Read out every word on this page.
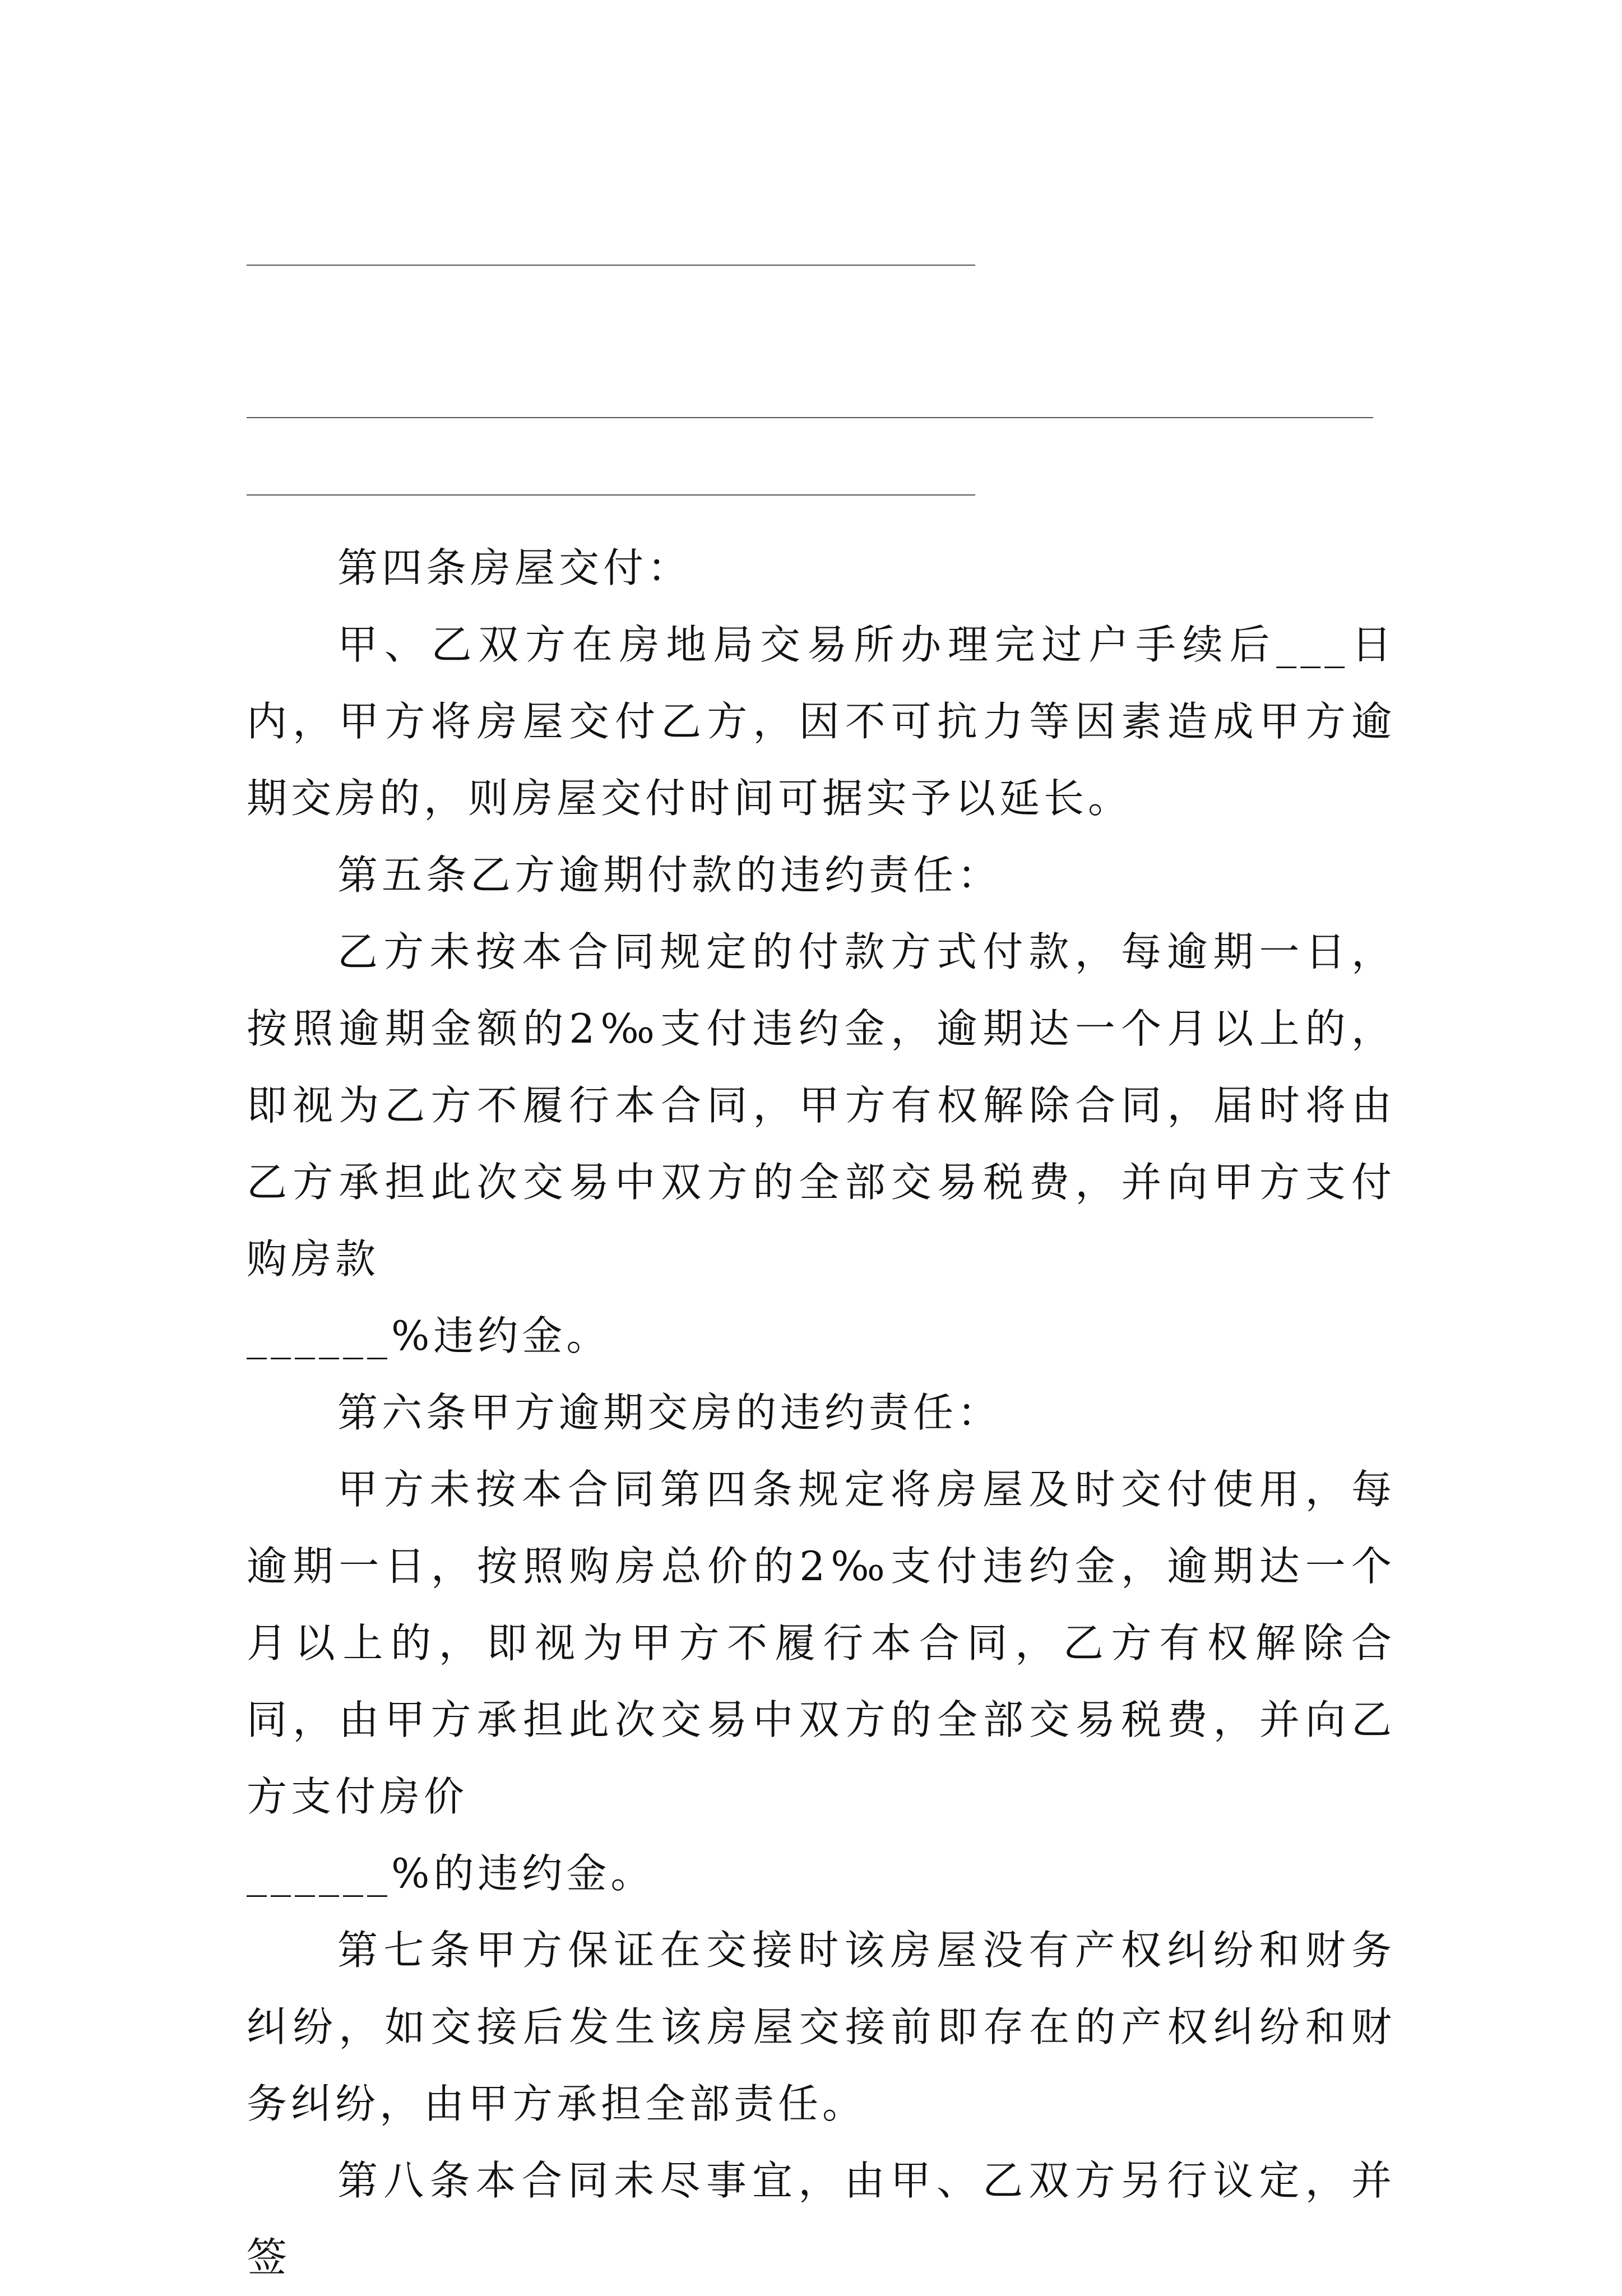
第四条房屋交付：

甲、乙双方在房地局交易所办理完过户手续后___日内，甲方将房屋交付乙方，因不可抗力等因素造成甲方逾期交房的，则房屋交付时间可据实予以延长。

第五条乙方逾期付款的违约责任：

乙方未按本合同规定的付款方式付款，每逾期一日，按照逾期金额的2‰支付违约金，逾期达一个月以上的，即视为乙方不履行本合同，甲方有权解除合同，届时将由乙方承担此次交易中双方的全部交易税费，并向甲方支付购房款

______%违约金。

第六条甲方逾期交房的违约责任：

甲方未按本合同第四条规定将房屋及时交付使用，每逾期一日，按照购房总价的2‰支付违约金，逾期达一个月以上的，即视为甲方不履行本合同，乙方有权解除合同，由甲方承担此次交易中双方的全部交易税费，并向乙方支付房价

______%的违约金。

第七条甲方保证在交接时该房屋没有产权纠纷和财务纠纷，如交接后发生该房屋交接前即存在的产权纠纷和财务纠纷，由甲方承担全部责任。

第八条本合同未尽事宜，由甲、乙双方另行议定，并签
